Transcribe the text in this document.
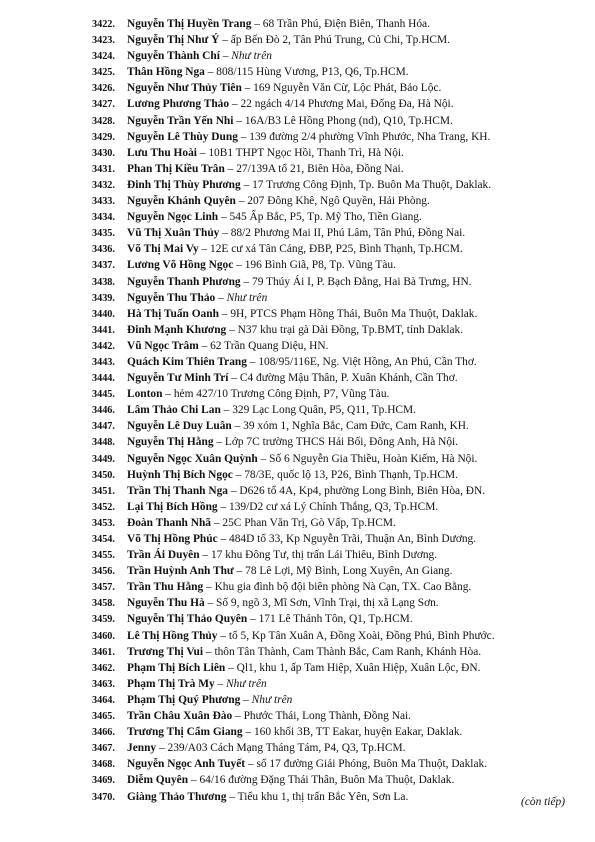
3422. Nguyễn Thị Huyền Trang – 68 Trần Phú, Điện Biên, Thanh Hóa.
3423. Nguyễn Thị Như Ý – ấp Bến Đò 2, Tân Phú Trung, Củ Chi, Tp.HCM.
3424. Nguyễn Thành Chí – Như trên
3425. Thân Hồng Nga – 808/115 Hùng Vương, P13, Q6, Tp.HCM.
3426. Nguyễn Như Thủy Tiên – 169 Nguyễn Văn Cừ, Lộc Phát, Bảo Lộc.
3427. Lương Phương Thảo – 22 ngách 4/14 Phương Mai, Đống Đa, Hà Nội.
3428. Nguyễn Trần Yến Nhi – 16A/B3 Lê Hồng Phong (nd), Q10, Tp.HCM.
3429. Nguyễn Lê Thùy Dung – 139 đường 2/4 phường Vĩnh Phước, Nha Trang, KH.
3430. Lưu Thu Hoài – 10B1 THPT Ngọc Hồi, Thanh Trì, Hà Nội.
3431. Phan Thị Kiều Trân – 27/139A tổ 21, Biên Hòa, Đồng Nai.
3432. Đinh Thị Thùy Phương – 17 Trương Công Định, Tp. Buôn Ma Thuột, Daklak.
3433. Nguyễn Khánh Quyên – 207 Đông Khê, Ngô Quyền, Hải Phòng.
3434. Nguyễn Ngọc Linh – 545 Ấp Bắc, P5, Tp. Mỹ Tho, Tiền Giang.
3435. Vũ Thị Xuân Thủy – 88/2 Phương Mai II, Phú Lâm, Tân Phú, Đồng Nai.
3436. Võ Thị Mai Vy – 12E cư xá Tân Cảng, ĐBP, P25, Bình Thạnh, Tp.HCM.
3437. Lương Võ Hồng Ngọc – 196 Bình Giã, P8, Tp. Vũng Tàu.
3438. Nguyễn Thanh Phương – 79 Thúy Ái I, P. Bạch Đằng, Hai Bà Trưng, HN.
3439. Nguyễn Thu Thảo – Như trên
3440. Hà Thị Tuấn Oanh – 9H, PTCS Phạm Hồng Thái, Buôn Ma Thuột, Daklak.
3441. Đinh Mạnh Khương – N37 khu trại gà Dài Đồng, Tp.BMT, tỉnh Daklak.
3442. Vũ Ngọc Trâm – 62 Trần Quang Diệu, HN.
3443. Quách Kim Thiên Trang – 108/95/116E, Ng. Việt Hồng, An Phú, Cần Thơ.
3444. Nguyễn Tư Minh Trí – C4 đường Mậu Thân, P. Xuân Khánh, Cần Thơ.
3445. Lonton – hẻm 427/10 Trương Công Định, P7, Vũng Tàu.
3446. Lâm Thảo Chi Lan – 329 Lạc Long Quân, P5, Q11, Tp.HCM.
3447. Nguyễn Lê Duy Luân – 39 xóm 1, Nghĩa Bắc, Cam Đức, Cam Ranh, KH.
3448. Nguyễn Thị Hằng – Lớp 7C trường THCS Hải Bối, Đông Anh, Hà Nội.
3449. Nguyễn Ngọc Xuân Quỳnh – Số 6 Nguyễn Gia Thiều, Hoàn Kiếm, Hà Nội.
3450. Huỳnh Thị Bích Ngọc – 78/3E, quốc lộ 13, P26, Bình Thạnh, Tp.HCM.
3451. Trần Thị Thanh Nga – D626 tổ 4A, Kp4, phường Long Bình, Biên Hòa, ĐN.
3452. Lại Thị Bích Hồng – 139/D2 cư xá Lý Chính Thắng, Q3, Tp.HCM.
3453. Đoàn Thanh Nhã – 25C Phan Văn Trị, Gò Vấp, Tp.HCM.
3454. Võ Thị Hồng Phúc – 484D tổ 33, Kp Nguyễn Trãi, Thuận An, Bình Dương.
3455. Trần Ái Duyên – 17 khu Đông Tư, thị trấn Lái Thiêu, Bình Dương.
3456. Trần Huỳnh Anh Thư – 78 Lê Lợi, Mỹ Bình, Long Xuyên, An Giang.
3457. Trần Thu Hằng – Khu gia đình bộ đội biên phòng Nà Cạn, TX. Cao Bằng.
3458. Nguyễn Thu Hà – Số 9, ngõ 3, Mĩ Sơn, Vĩnh Trại, thị xã Lạng Sơn.
3459. Nguyễn Thị Thảo Quyên – 171 Lê Thánh Tôn, Q1, Tp.HCM.
3460. Lê Thị Hồng Thủy – tổ 5, Kp Tân Xuân A, Đồng Xoài, Đồng Phú, Bình Phước.
3461. Trương Thị Vui – thôn Tân Thành, Cam Thành Bắc, Cam Ranh, Khánh Hòa.
3462. Phạm Thị Bích Liên – Ql1, khu 1, ấp Tam Hiệp, Xuân Hiệp, Xuân Lộc, ĐN.
3463. Phạm Thị Trà My – Như trên
3464. Phạm Thị Quý Phương – Như trên
3465. Trần Châu Xuân Đào – Phước Thái, Long Thành, Đồng Nai.
3466. Trương Thị Cẩm Giang – 160 khối 3B, TT Eakar, huyện Eakar, Daklak.
3467. Jenny – 239/A03 Cách Mạng Tháng Tám, P4, Q3, Tp.HCM.
3468. Nguyễn Ngọc Anh Tuyết – số 17 đường Giải Phóng, Buôn Ma Thuột, Daklak.
3469. Diễm Quyên – 64/16 đường Đặng Thái Thân, Buôn Ma Thuột, Daklak.
3470. Giàng Thảo Thương – Tiểu khu 1, thị trấn Bắc Yên, Sơn La.	(còn tiếp)
